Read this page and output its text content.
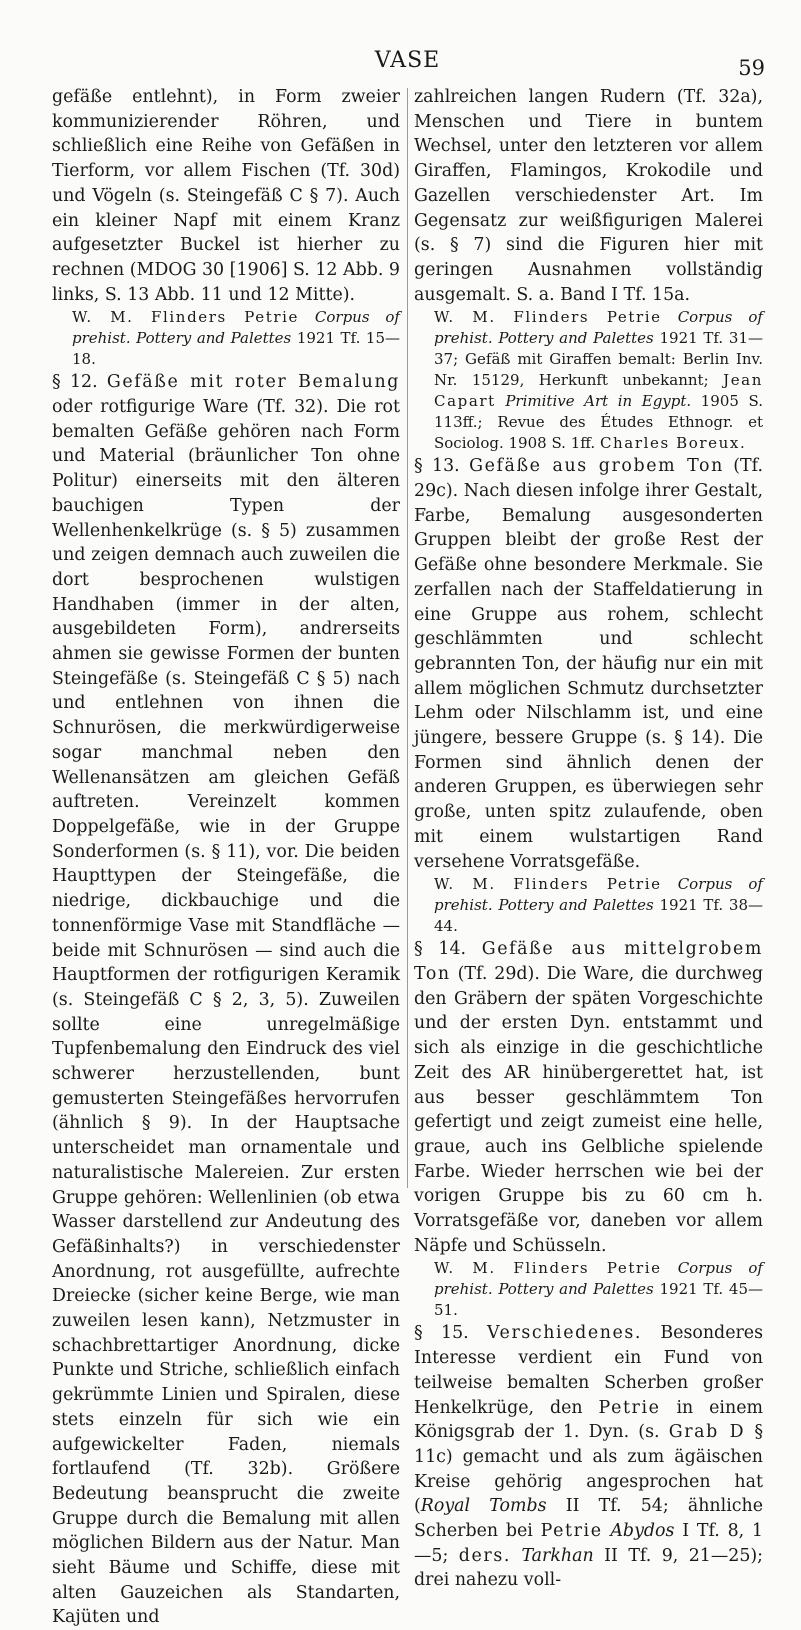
VASE	59

gefäße entlehnt), in Form zweier kommunizierender Röhren, und schließlich eine Reihe von Gefäßen in Tierform, vor allem Fischen (Tf. 30d) und Vögeln (s. Steingefäß C § 7). Auch ein kleiner Napf mit einem Kranz aufgesetzter Buckel ist hierher zu rechnen (MDOG 30 [1906] S. 12 Abb. 9 links, S. 13 Abb. 11 und 12 Mitte).

W. M. Flinders Petrie Corpus of prehist. Pottery and Palettes 1921 Tf. 15—18.

§ 12. Gefäße mit roter Bemalung oder rotfigurige Ware (Tf. 32). Die rot bemalten Gefäße gehören nach Form und Material (bräunlicher Ton ohne Politur) einerseits mit den älteren bauchigen Typen der Wellenhenkelkrüge (s. § 5) zusammen und zeigen demnach auch zuweilen die dort besprochenen wulstigen Handhaben (immer in der alten, ausgebildeten Form), andrerseits ahmen sie gewisse Formen der bunten Steingefäße (s. Steingefäß C § 5) nach und entlehnen von ihnen die Schnurösen, die merkwürdigerweise sogar manchmal neben den Wellenansätzen am gleichen Gefäß auftreten. Vereinzelt kommen Doppelgefäße, wie in der Gruppe Sonderformen (s. § 11), vor. Die beiden Haupttypen der Steingefäße, die niedrige, dickbauchige und die tonnenförmige Vase mit Standfläche — beide mit Schnurösen — sind auch die Hauptformen der rotfigurigen Keramik (s. Steingefäß C § 2, 3, 5). Zuweilen sollte eine unregelmäßige Tupfenbemalung den Eindruck des viel schwerer herzustellenden, bunt gemusterten Steingefäßes hervorrufen (ähnlich § 9). In der Hauptsache unterscheidet man ornamentale und naturalistische Malereien. Zur ersten Gruppe gehören: Wellenlinien (ob etwa Wasser darstellend zur Andeutung des Gefäßinhalts?) in verschiedenster Anordnung, rot ausgefüllte, aufrechte Dreiecke (sicher keine Berge, wie man zuweilen lesen kann), Netzmuster in schachbrettartiger Anordnung, dicke Punkte und Striche, schließlich einfach gekrümmte Linien und Spiralen, diese stets einzeln für sich wie ein aufgewickelter Faden, niemals fortlaufend (Tf. 32b). Größere Bedeutung beansprucht die zweite Gruppe durch die Bemalung mit allen möglichen Bildern aus der Natur. Man sieht Bäume und Schiffe, diese mit alten Gauzeichen als Standarten, Kajüten und

zahlreichen langen Rudern (Tf. 32a), Menschen und Tiere in buntem Wechsel, unter den letzteren vor allem Giraffen, Flamingos, Krokodile und Gazellen verschiedenster Art. Im Gegensatz zur weißfigurigen Malerei (s. § 7) sind die Figuren hier mit geringen Ausnahmen vollständig ausgemalt. S. a. Band I Tf. 15a.

W. M. Flinders Petrie Corpus of prehist. Pottery and Palettes 1921 Tf. 31—37; Gefäß mit Giraffen bemalt: Berlin Inv. Nr. 15129, Herkunft unbekannt; Jean Capart Primitive Art in Egypt. 1905 S. 113ff.; Revue des Études Ethnogr. et Sociolog. 1908 S. 1ff. Charles Boreux.

§ 13. Gefäße aus grobem Ton (Tf. 29c). Nach diesen infolge ihrer Gestalt, Farbe, Bemalung ausgesonderten Gruppen bleibt der große Rest der Gefäße ohne besondere Merkmale. Sie zerfallen nach der Staffeldatierung in eine Gruppe aus rohem, schlecht geschlämmten und schlecht gebrannten Ton, der häufig nur ein mit allem möglichen Schmutz durchsetzter Lehm oder Nilschlamm ist, und eine jüngere, bessere Gruppe (s. § 14). Die Formen sind ähnlich denen der anderen Gruppen, es überwiegen sehr große, unten spitz zulaufende, oben mit einem wulstartigen Rand versehene Vorratsgefäße.

W. M. Flinders Petrie Corpus of prehist. Pottery and Palettes 1921 Tf. 38—44.

§ 14. Gefäße aus mittelgrobem Ton (Tf. 29d). Die Ware, die durchweg den Gräbern der späten Vorgeschichte und der ersten Dyn. entstammt und sich als einzige in die geschichtliche Zeit des AR hinübergerettet hat, ist aus besser geschlämmtem Ton gefertigt und zeigt zumeist eine helle, graue, auch ins Gelbliche spielende Farbe. Wieder herrschen wie bei der vorigen Gruppe bis zu 60 cm h. Vorratsgefäße vor, daneben vor allem Näpfe und Schüsseln.

W. M. Flinders Petrie Corpus of prehist. Pottery and Palettes 1921 Tf. 45—51.

§ 15. Verschiedenes. Besonderes Interesse verdient ein Fund von teilweise bemalten Scherben großer Henkelkrüge, den Petrie in einem Königsgrab der 1. Dyn. (s. Grab D § 11c) gemacht und als zum ägäischen Kreise gehörig angesprochen hat (Royal Tombs II Tf. 54; ähnliche Scherben bei Petrie Abydos I Tf. 8, 1—5; ders. Tarkhan II Tf. 9, 21—25); drei nahezu voll-
